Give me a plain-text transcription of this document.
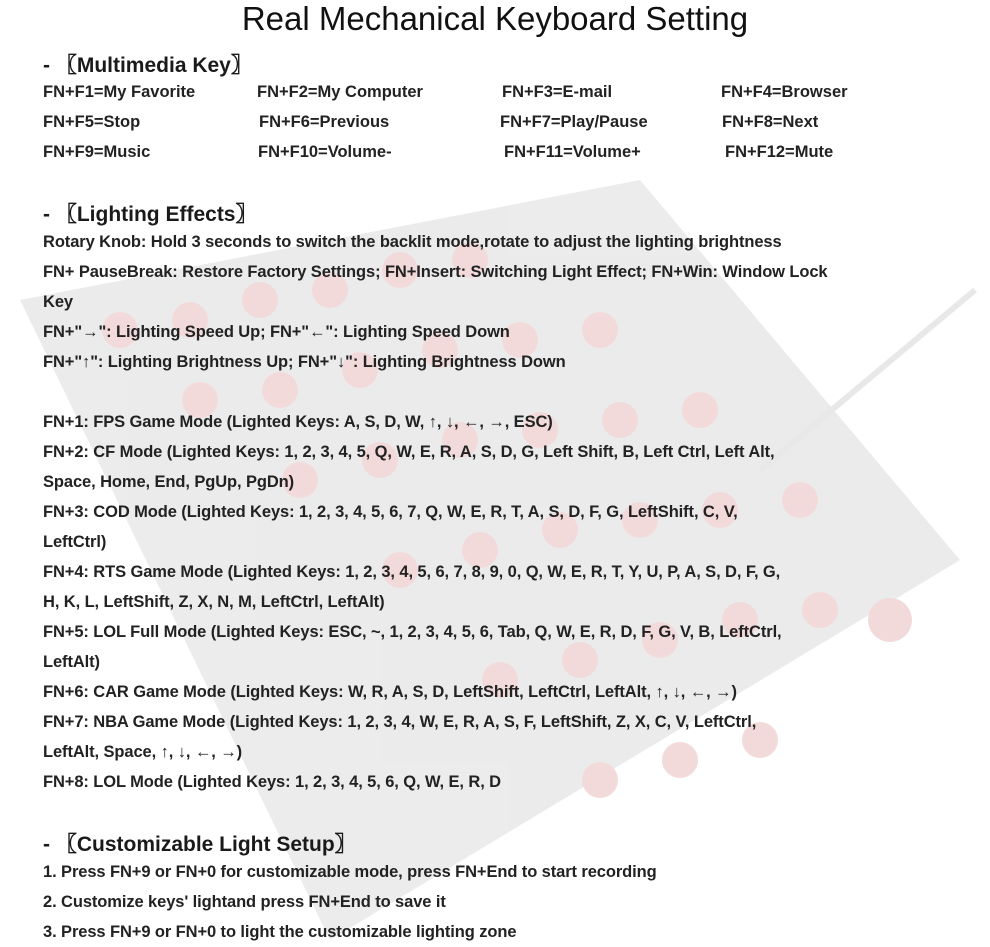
Real Mechanical Keyboard Setting
- 〖Multimedia Key〗
FN+F1=My Favorite	FN+F2=My Computer	FN+F3=E-mail	FN+F4=Browser
FN+F5=Stop	FN+F6=Previous	FN+F7=Play/Pause	FN+F8=Next
FN+F9=Music	FN+F10=Volume-	FN+F11=Volume+	FN+F12=Mute
- 〖Lighting Effects〗
Rotary Knob: Hold 3 seconds to switch the backlit mode,rotate to adjust the lighting brightness
FN+ PauseBreak: Restore Factory Settings; FN+Insert: Switching Light Effect; FN+Win: Window Lock
Key
FN+"→": Lighting Speed Up; FN+"←": Lighting Speed Down
FN+"↑": Lighting Brightness Up; FN+"↓": Lighting Brightness Down
FN+1: FPS Game Mode (Lighted Keys: A, S, D, W, ↑, ↓, ←, →, ESC)
FN+2: CF Mode (Lighted Keys: 1, 2, 3, 4, 5, Q, W, E, R, A, S, D, G, Left Shift, B, Left Ctrl, Left Alt,
Space, Home, End, PgUp, PgDn)
FN+3: COD Mode (Lighted Keys: 1, 2, 3, 4, 5, 6, 7, Q, W, E, R, T, A, S, D, F, G, LeftShift, C, V,
LeftCtrl)
FN+4: RTS Game Mode (Lighted Keys: 1, 2, 3, 4, 5, 6, 7, 8, 9, 0, Q, W, E, R, T, Y, U, P, A, S, D, F, G,
H, K, L, LeftShift, Z, X, N, M, LeftCtrl, LeftAlt)
FN+5: LOL Full Mode (Lighted Keys: ESC, ~, 1, 2, 3, 4, 5, 6, Tab, Q, W, E, R, D, F, G, V, B, LeftCtrl,
LeftAlt)
FN+6: CAR Game Mode (Lighted Keys: W, R, A, S, D, LeftShift, LeftCtrl, LeftAlt, ↑, ↓, ←, →)
FN+7: NBA Game Mode (Lighted Keys: 1, 2, 3, 4, W, E, R, A, S, F, LeftShift, Z, X, C, V, LeftCtrl,
LeftAlt, Space, ↑, ↓, ←, →)
FN+8: LOL Mode (Lighted Keys: 1, 2, 3, 4, 5, 6, Q, W, E, R, D
- 〖Customizable Light Setup〗
1. Press FN+9 or FN+0 for customizable mode, press FN+End to start recording
2. Customize keys' lightand press FN+End to save it
3. Press FN+9 or FN+0 to light the customizable lighting zone
